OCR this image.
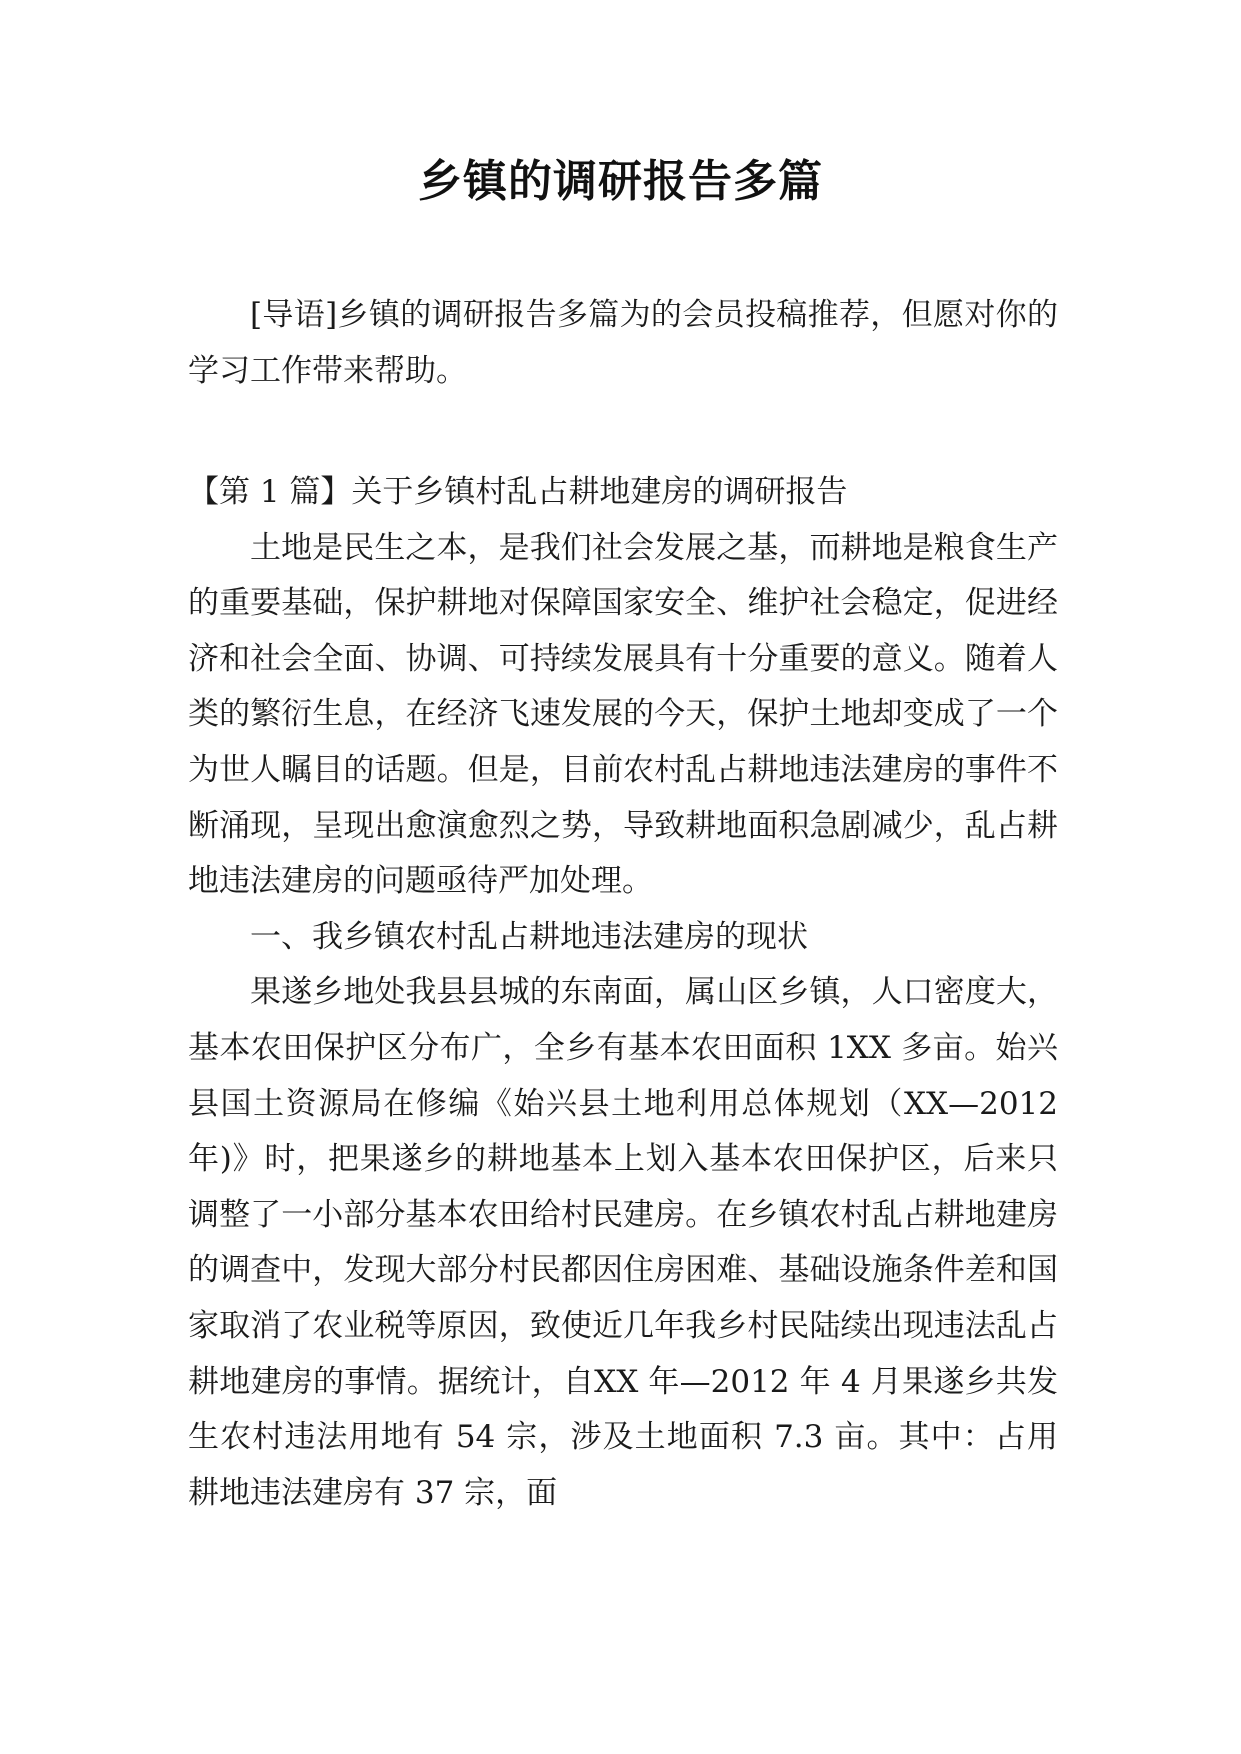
乡镇的调研报告多篇

[导语]乡镇的调研报告多篇为的会员投稿推荐，但愿对你的学习工作带来帮助。

【第 1 篇】关于乡镇村乱占耕地建房的调研报告

土地是民生之本，是我们社会发展之基，而耕地是粮食生产的重要基础，保护耕地对保障国家安全、维护社会稳定，促进经济和社会全面、协调、可持续发展具有十分重要的意义。随着人类的繁衍生息，在经济飞速发展的今天，保护土地却变成了一个为世人瞩目的话题。但是，目前农村乱占耕地违法建房的事件不断涌现，呈现出愈演愈烈之势，导致耕地面积急剧减少，乱占耕地违法建房的问题亟待严加处理。

一、我乡镇农村乱占耕地违法建房的现状

果遂乡地处我县县城的东南面，属山区乡镇，人口密度大，基本农田保护区分布广，全乡有基本农田面积 1XX 多亩。始兴县国土资源局在修编《始兴县土地利用总体规划（XX—2012 年)》时，把果遂乡的耕地基本上划入基本农田保护区，后来只调整了一小部分基本农田给村民建房。在乡镇农村乱占耕地建房的调查中，发现大部分村民都因住房困难、基础设施条件差和国家取消了农业税等原因，致使近几年我乡村民陆续出现违法乱占耕地建房的事情。据统计，自XX 年—2012 年 4 月果遂乡共发生农村违法用地有 54 宗，涉及土地面积 7.3 亩。其中：占用耕地违法建房有 37 宗，面
